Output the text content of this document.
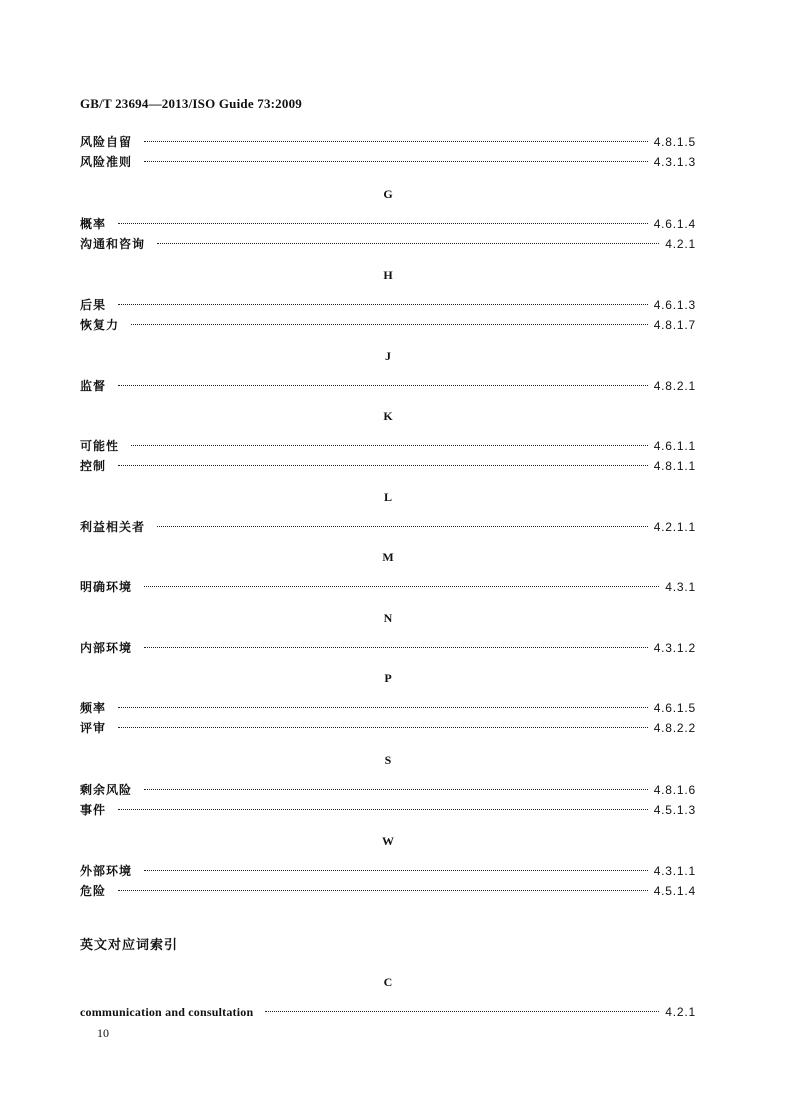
GB/T 23694—2013/ISO Guide 73:2009
风险自留	4.8.1.5
风险准则	4.3.1.3
G
概率	4.6.1.4
沟通和咨询	4.2.1
H
后果	4.6.1.3
恢复力	4.8.1.7
J
监督	4.8.2.1
K
可能性	4.6.1.1
控制	4.8.1.1
L
利益相关者	4.2.1.1
M
明确环境	4.3.1
N
内部环境	4.3.1.2
P
频率	4.6.1.5
评审	4.8.2.2
S
剩余风险	4.8.1.6
事件	4.5.1.3
W
外部环境	4.3.1.1
危险	4.5.1.4
英文对应词索引
C
communication and consultation	4.2.1
10
